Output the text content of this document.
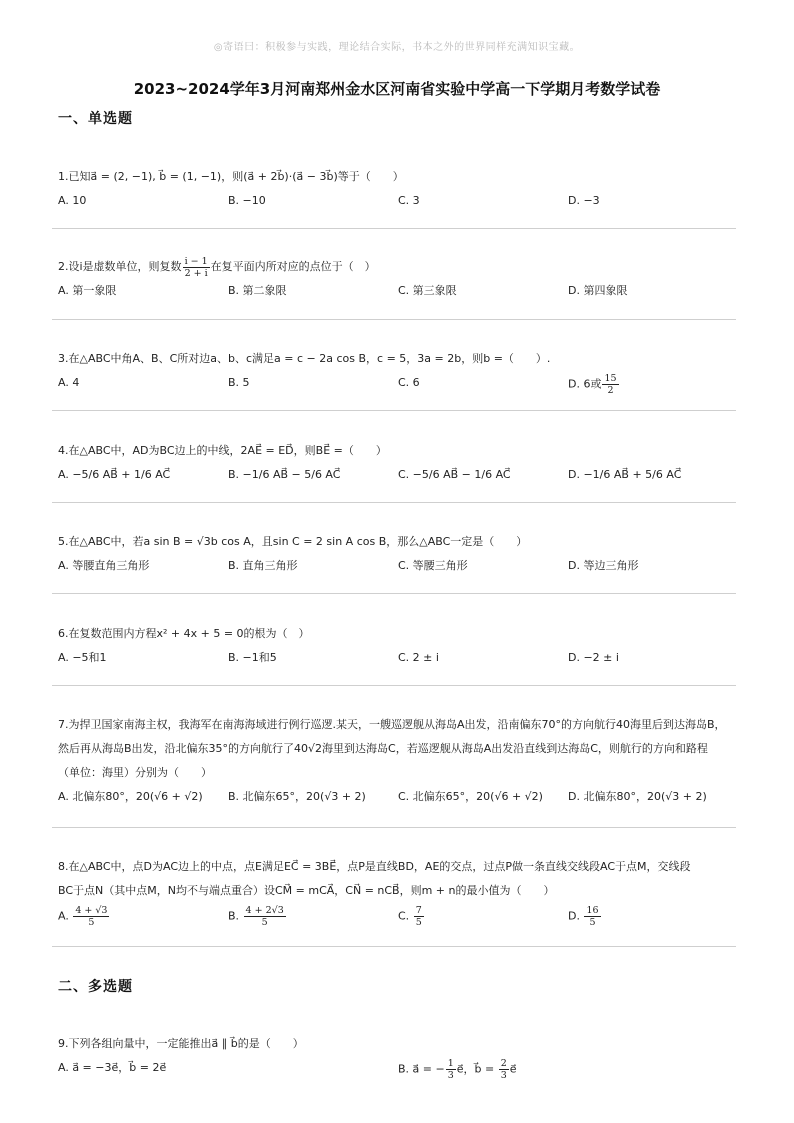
◎寄语曰：积极参与实践，理论结合实际，书本之外的世界同样充满知识宝藏。
2023~2024学年3月河南郑州金水区河南省实验中学高一下学期月考数学试卷
一、单选题
1.已知a⃗ = (2, −1), b⃗ = (1, −1)，则(a⃗ + 2b⃗)·(a⃗ − 3b⃗)等于（　　）
A. 10	B. −10	C. 3	D. −3
2.设i是虚数单位，则复数 $\frac{i - 1}{2 + i}$ 在复平面内所对应的点位于（　）
A. 第一象限	B. 第二象限	C. 第三象限	D. 第四象限
3.在△ABC中角A、B、C所对边a、b、c满足a = c − 2a cos B，c = 5，3a = 2b，则b =（　　）.
A. 4	B. 5	C. 6	D. 6或 $\frac{15}{2}$
4.在△ABC中，AD为BC边上的中线，2AE⃗ = ED⃗，则BE⃗ =（　　）
A. −5/6 AB⃗ + 1/6 AC⃗	B. −1/6 AB⃗ − 5/6 AC⃗	C. −5/6 AB⃗ − 1/6 AC⃗	D. −1/6 AB⃗ + 5/6 AC⃗
5.在△ABC中，若a sin B = √3b cos A，且sin C = 2 sin A cos B，那么△ABC一定是（　　）
A. 等腰直角三角形	B. 直角三角形	C. 等腰三角形	D. 等边三角形
6.在复数范围内方程x² + 4x + 5 = 0的根为（　）
A. −5和1	B. −1和5	C. 2 ± i	D. −2 ± i
7.为捍卫国家南海主权，我海军在南海海域进行例行巡逻.某天，一艘巡逻舰从海岛A出发，沿南偏东70°的方向航行40海里后到达海岛B，
然后再从海岛B出发，沿北偏东35°的方向航行了40√2海里到达海岛C，若巡逻舰从海岛A出发沿直线到达海岛C，则航行的方向和路程
（单位：海里）分别为（　　）
A. 北偏东80°，20(√6 + √2) B. 北偏东65°，20(√3 + 2)	C. 北偏东65°，20(√6 + √2) D. 北偏东80°，20(√3 + 2)
8.在△ABC中，点D为AC边上的中点，点E满足EC⃗ = 3BE⃗，点P是直线BD，AE的交点，过点P做一条直线交线段AC于点M，交线段
BC于点N（其中点M，N均不与端点重合）设CM⃗ = mCA⃗，CN⃗ = nCB⃗，则m + n的最小值为（　　）
A. $\frac{4 + √3}{5}$	B. $\frac{4 + 2√3}{5}$	C. $\frac{7}{5}$	D. $\frac{16}{5}$
二、多选题
9.下列各组向量中，一定能推出a⃗ ∥ b⃗的是（　　）
A. a⃗ = −3e⃗，b⃗ = 2e⃗	B. a⃗ = − $\frac{1}{3}$ e⃗，b⃗ = $\frac{2}{3}$ e⃗
